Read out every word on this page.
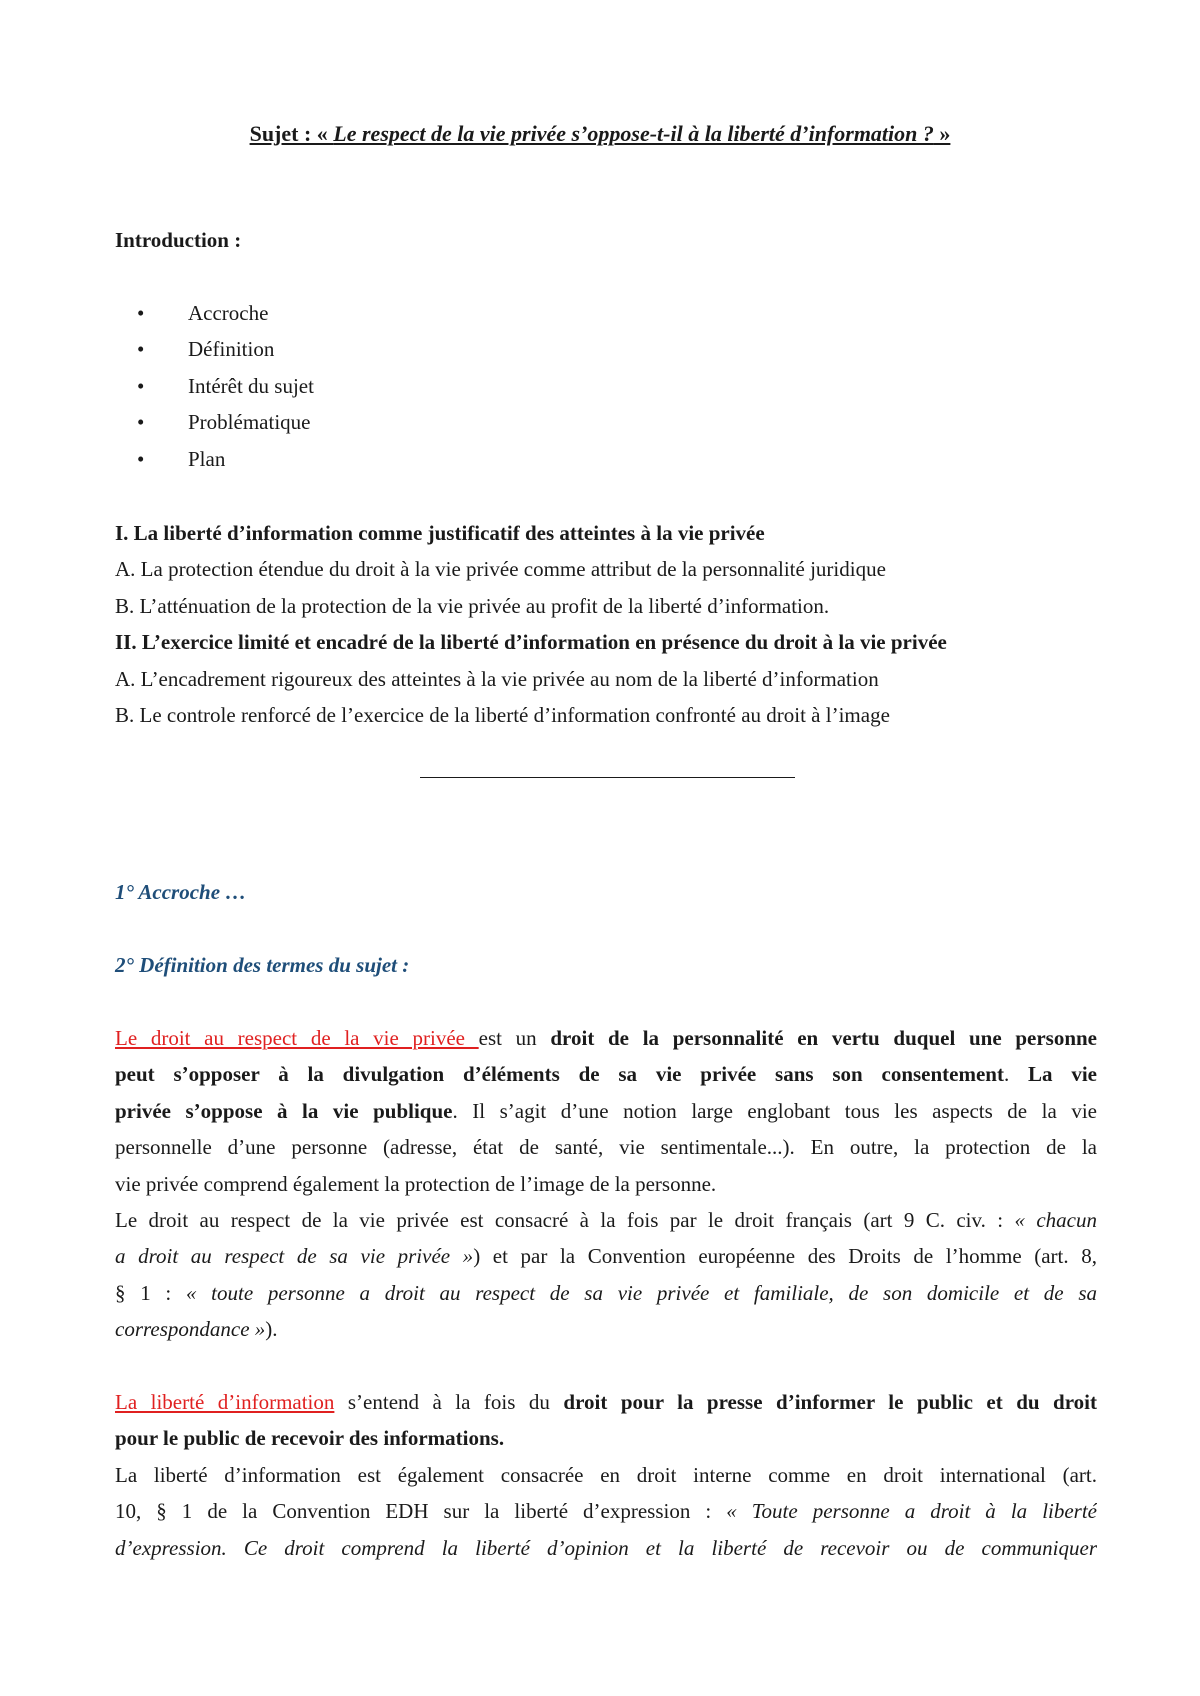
Sujet : « Le respect de la vie privée s’oppose-t-il à la liberté d’information ? »

Introduction :

• Accroche
• Définition
• Intérêt du sujet
• Problématique
• Plan
I. La liberté d’information comme justificatif des atteintes à la vie privée
A. La protection étendue du droit à la vie privée comme attribut de la personnalité juridique
B. L’atténuation de la protection de la vie privée au profit de la liberté d’information.
II. L’exercice limité et encadré de la liberté d’information en présence du droit à la vie privée
A. L’encadrement rigoureux des atteintes à la vie privée au nom de la liberté d’information
B. Le controle renforcé de l’exercice de la liberté d’information confronté au droit à l’image

1° Accroche …

2° Définition des termes du sujet :

Le droit au respect de la vie privée est un droit de la personnalité en vertu duquel une personne
peut s’opposer à la divulgation d’éléments de sa vie privée sans son consentement. La vie
privée s’oppose à la vie publique. Il s’agit d’une notion large englobant tous les aspects de la vie
personnelle d’une personne (adresse, état de santé, vie sentimentale...). En outre, la protection de la
vie privée comprend également la protection de l’image de la personne.
Le droit au respect de la vie privée est consacré à la fois par le droit français (art 9 C. civ. : « chacun
a droit au respect de sa vie privée ») et par la Convention européenne des Droits de l’homme (art. 8,
§ 1 : « toute personne a droit au respect de sa vie privée et familiale, de son domicile et de sa
correspondance »).
La liberté d’information s’entend à la fois du droit pour la presse d’informer le public et du droit
pour le public de recevoir des informations.
La liberté d’information est également consacrée en droit interne comme en droit international (art.
10, § 1 de la Convention EDH sur la liberté d’expression : « Toute personne a droit à la liberté
d’expression. Ce droit comprend la liberté d’opinion et la liberté de recevoir ou de communiquer
